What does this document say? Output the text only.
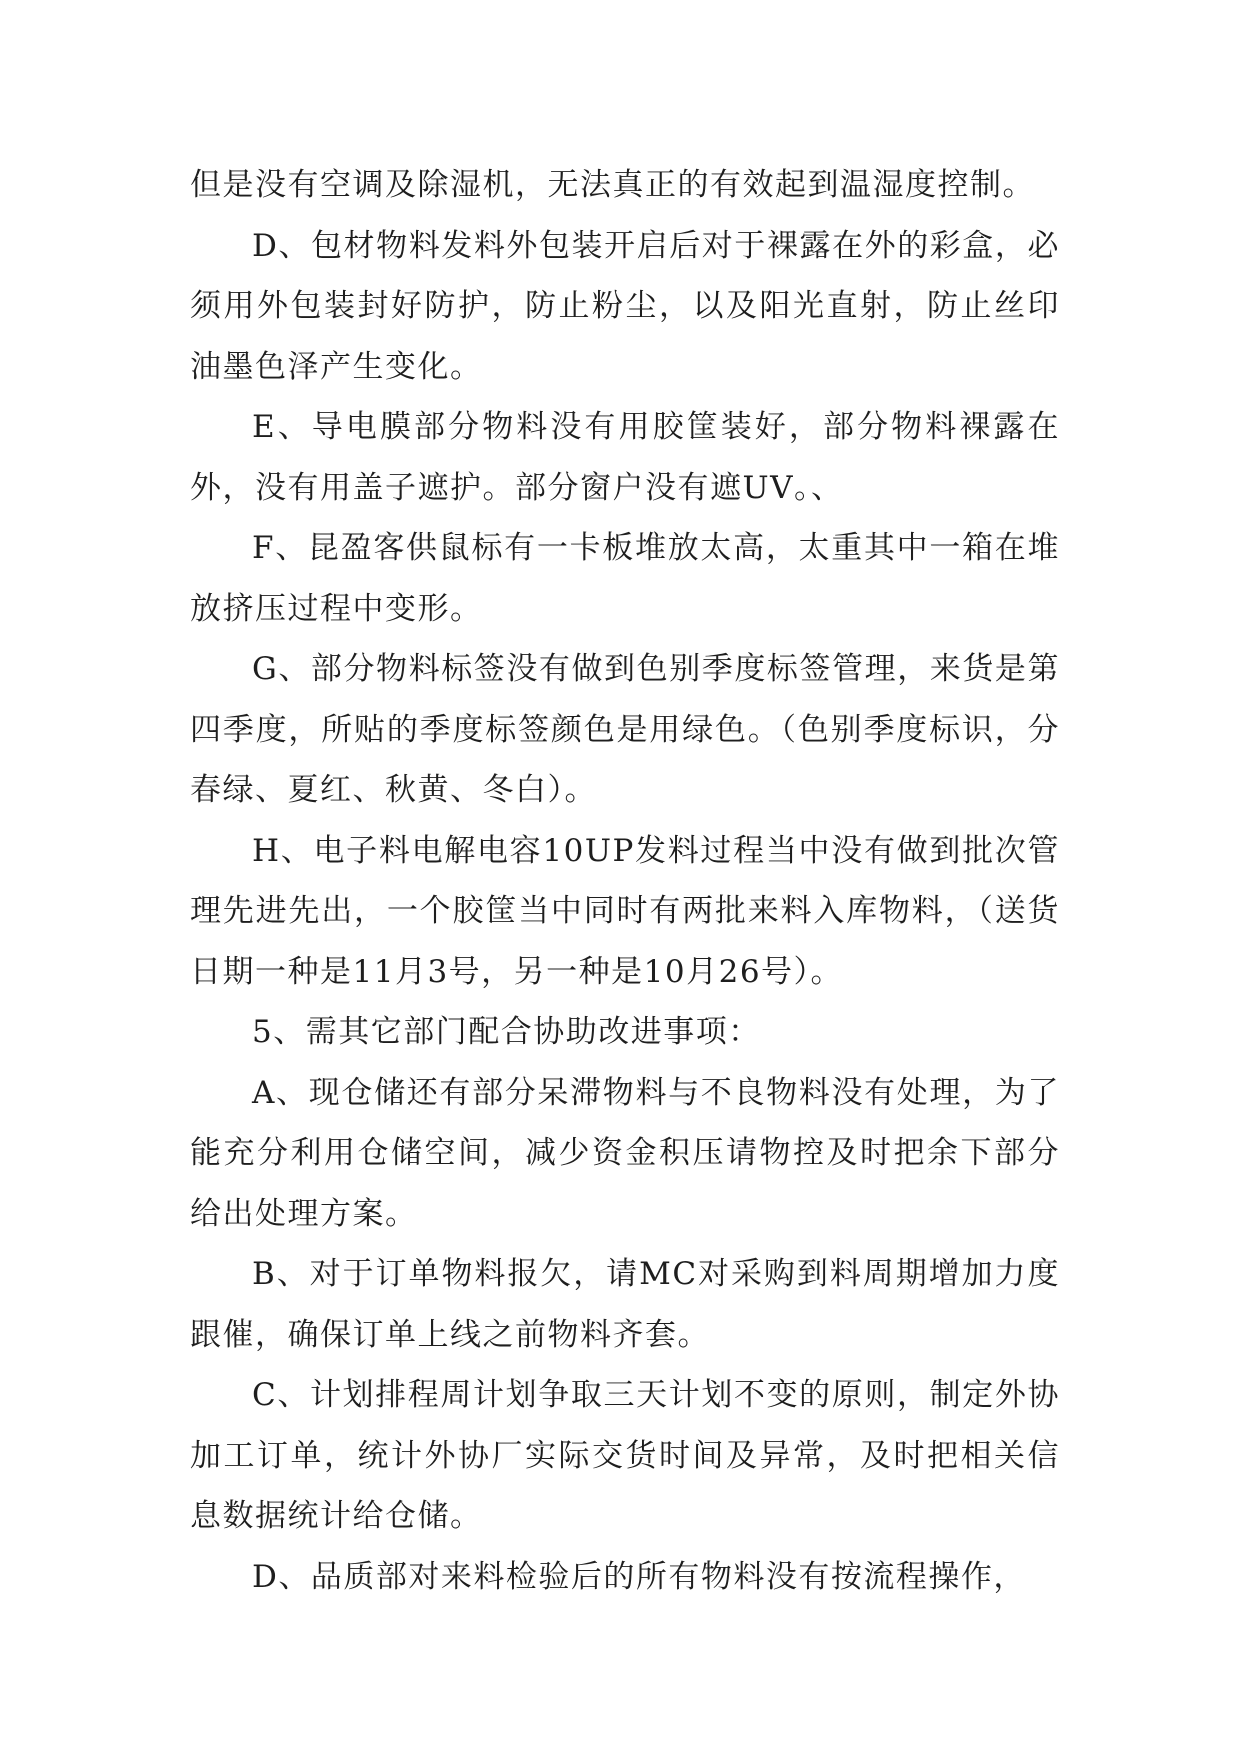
但是没有空调及除湿机，无法真正的有效起到温湿度控制。

D、包材物料发料外包装开启后对于裸露在外的彩盒，必须用外包装封好防护，防止粉尘，以及阳光直射，防止丝印油墨色泽产生变化。

E、导电膜部分物料没有用胶筐装好，部分物料裸露在外，没有用盖子遮护。部分窗户没有遮UV。、

F、昆盈客供鼠标有一卡板堆放太高，太重其中一箱在堆放挤压过程中变形。

G、部分物料标签没有做到色别季度标签管理，来货是第四季度，所贴的季度标签颜色是用绿色。（色别季度标识，分春绿、夏红、秋黄、冬白）。

H、电子料电解电容10UP发料过程当中没有做到批次管理先进先出，一个胶筐当中同时有两批来料入库物料，（送货日期一种是11月3号，另一种是10月26号）。

5、需其它部门配合协助改进事项：

A、现仓储还有部分呆滞物料与不良物料没有处理，为了能充分利用仓储空间，减少资金积压请物控及时把余下部分给出处理方案。

B、对于订单物料报欠，请MC对采购到料周期增加力度跟催，确保订单上线之前物料齐套。

C、计划排程周计划争取三天计划不变的原则，制定外协加工订单，统计外协厂实际交货时间及异常，及时把相关信息数据统计给仓储。

D、品质部对来料检验后的所有物料没有按流程操作，
